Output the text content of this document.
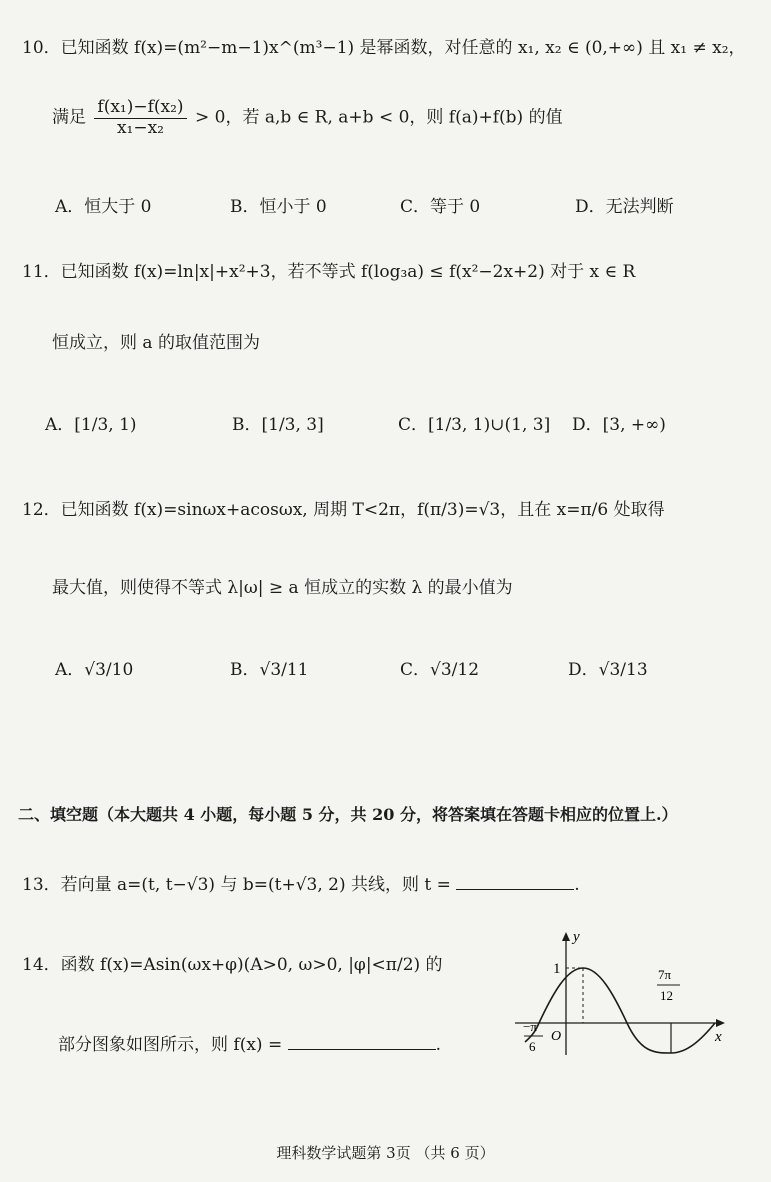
10．已知函数 f(x)=(m²−m−1)x^(m³−1) 是幂函数，对任意的 x₁, x₂ ∈ (0,+∞) 且 x₁ ≠ x₂，
满足 $\frac{\text{f(x₁)−f(x₂)}}{\text{x₁−x₂}} > 0$，若 a,b ∈ R, a+b < 0，则 f(a)+f(b) 的值
A．恒大于 0	B．恒小于 0	C．等于 0	D．无法判断
11．已知函数 f(x)=ln|x|+x²+3，若不等式 f(log₃a) ≤ f(x²−2x+2) 对于 x ∈ R
恒成立，则 a 的取值范围为
A．[1/3, 1)	B．[1/3, 3]	C．[1/3, 1)∪(1, 3] D．[3, +∞)
12．已知函数 f(x)=sinωx+acosωx, 周期 T<2π，f(π/3)=√3，且在 x=π/6 处取得
最大值，则使得不等式 λ|ω| ≥ a 恒成立的实数 λ 的最小值为
A．√3/10	B．√3/11	C．√3/12	D．√3/13
二、填空题（本大题共 4 小题，每小题 5 分，共 20 分，将答案填在答题卡相应的位置上.）
13．若向量 a=(t, t−√3) 与 b=(t+√3, 2) 共线，则 t =	.
14．函数 f(x)=Asin(ωx+φ)(A>0, ω>0, |φ|<π/2) 的
部分图象如图所示，则 f(x) =	.
y
x
O
1
−π
6
7π
12
理科数学试题第 3页 （共 6 页）
